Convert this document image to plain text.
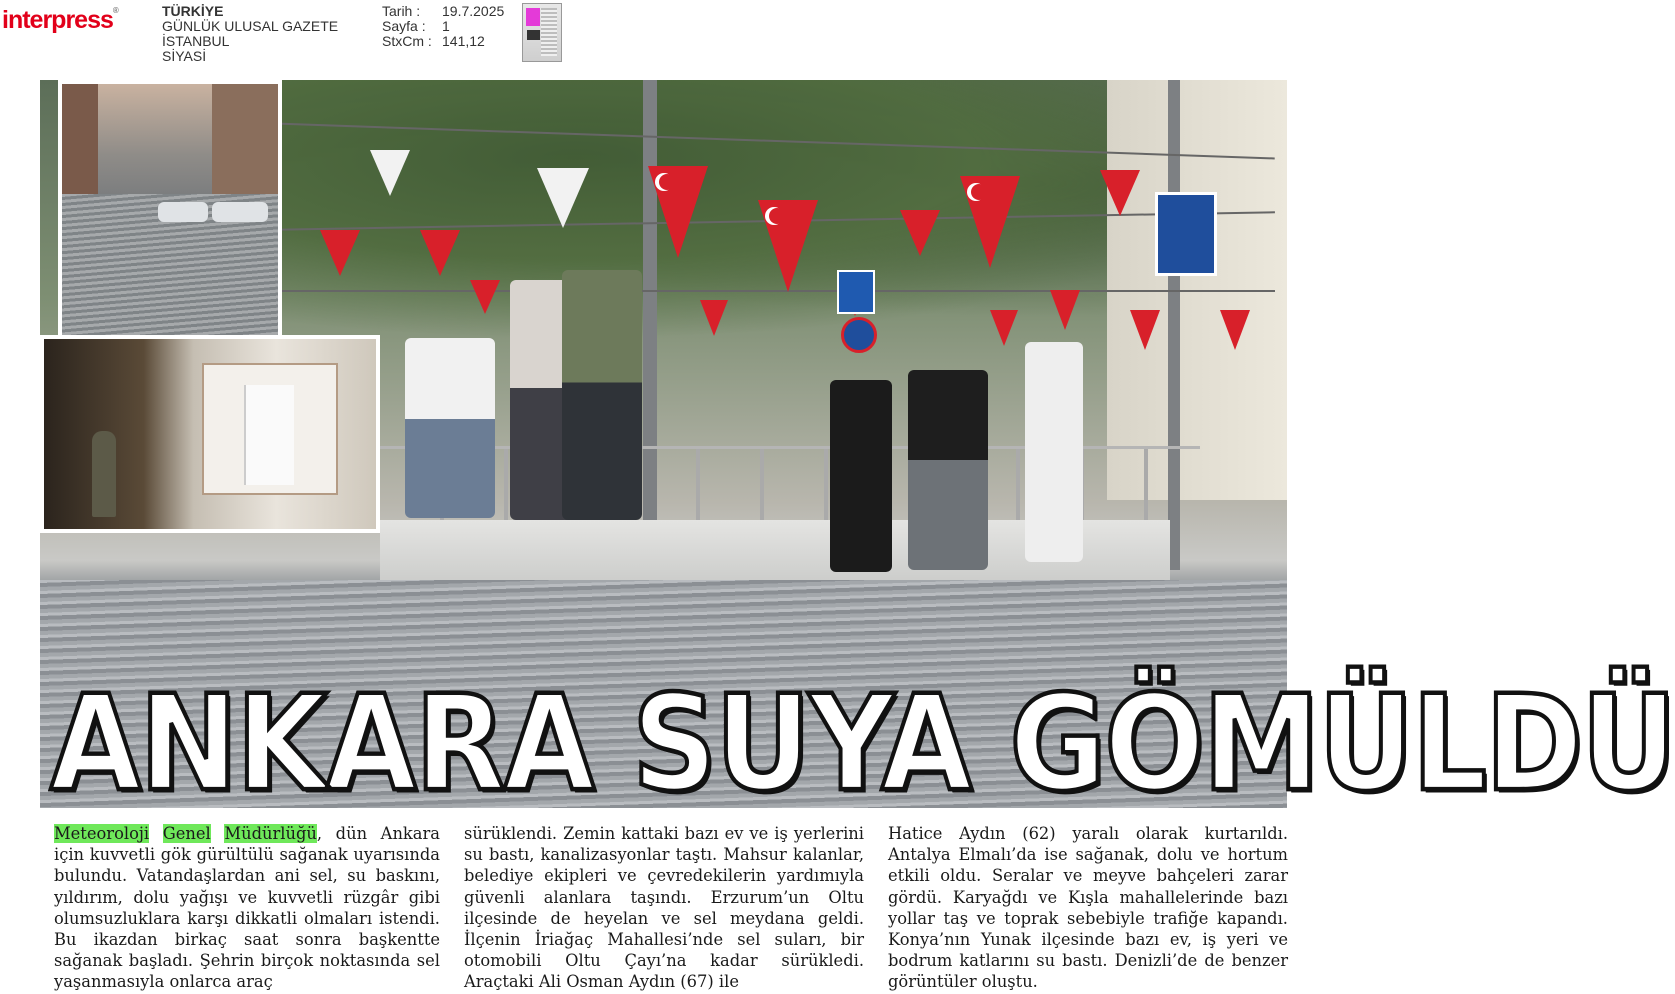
interpress®	TÜRKİYE
GÜNLÜK ULUSAL GAZETE
İSTANBUL
SİYASİ
Tarih :	19.7.2025
Sayfa :	1
StxCm : 141,12
ANKARA SUYA GÖMÜLDÜ

Meteoroloji Genel Müdürlüğü, dün Ankara için kuvvetli gök gürültülü sağanak uyarısında bulundu. Vatandaşlardan ani sel, su baskını, yıldırım, dolu yağışı ve kuvvetli rüzgâr gibi olumsuzluklara karşı dikkatli olmaları istendi. Bu ikazdan birkaç saat sonra başkentte sağanak başladı. Şehrin birçok noktasında sel yaşanmasıyla onlarca araç

sürüklendi. Zemin kattaki bazı ev ve iş yerlerini su bastı, kanalizasyonlar taştı. Mahsur kalanlar, belediye ekipleri ve çevredekilerin yardımıyla güvenli alanlara taşındı. Erzurum’un Oltu ilçesinde de heyelan ve sel meydana geldi. İlçenin İriağaç Mahallesi’nde sel suları, bir otomobili Oltu Çayı’na kadar sürükledi. Araçtaki Ali Osman Aydın (67) ile

Hatice Aydın (62) yaralı olarak kurtarıldı. Antalya Elmalı’da ise sağanak, dolu ve hortum etkili oldu. Seralar ve meyve bahçeleri zarar gördü. Karyağdı ve Kışla mahallelerinde bazı yollar taş ve toprak sebebiyle trafiğe kapandı. Konya’nın Yunak ilçesinde bazı ev, iş yeri ve bodrum katlarını su bastı. Denizli’de de benzer görüntüler oluştu.
